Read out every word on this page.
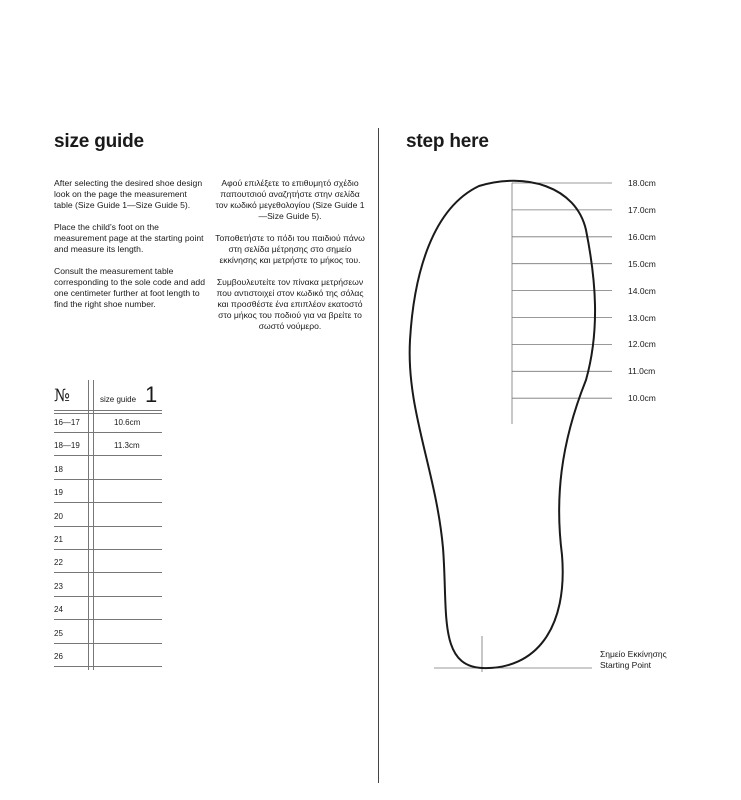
size guide

After selecting the desired shoe design look on the page the measurement table (Size Guide 1—Size Guide 5).

Place the child’s foot on the measurement page at the starting point and measure its length.

Consult the measurement table corresponding to the sole code and add one centimeter further at foot length to find the right shoe number.

Αφού επιλέξετε το επιθυμητό σχέδιο παπουτσιού αναζητήστε στην σελίδα τον κωδικό μεγεθολογίου (Size Guide 1—Size Guide 5).

Τοποθετήστε το πόδι του παιδιού πάνω στη σελίδα μέτρησης στο σημείο εκκίνησης και μετρήστε το μήκος του.

Συμβουλευτείτε τον πίνακα μετρήσεων που αντιστοιχεί στον κωδικό της σόλας και προσθέστε ένα επιπλέον εκατοστό στο μήκος του ποδιού για να βρείτε το σωστό νούμερο.

№	size guide 1
16—17	10.6cm
18—19	11.3cm
18
19
20
21
22
23
24
25
26
step here
18.0cm
17.0cm
16.0cm
15.0cm
14.0cm
13.0cm
12.0cm
11.0cm
10.0cm
Σημείο Εκκίνησης
Starting Point
